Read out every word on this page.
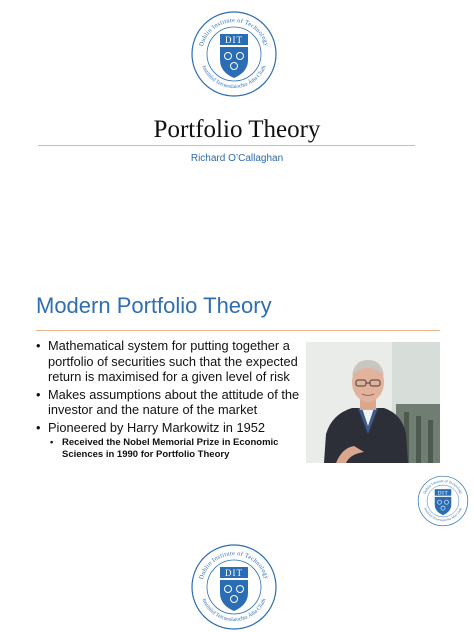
Dublin Institute of Technology
Institiúid Teicneolaíochta Átha Cliath
DIT
Portfolio Theory
Richard O’Callaghan
Modern Portfolio Theory
• Mathematical system for putting together a portfolio of securities such that the expected return is maximised for a given level of risk
• Makes assumptions about the attitude of the investor and the nature of the market
• Pioneered by Harry Markowitz in 1952
• Received the Nobel Memorial Prize in Economic Sciences in 1990 for Portfolio Theory
Dublin Institute of Technology
Institiúid Teicneolaíochta Átha Cliath
DIT
Dublin Institute of Technology
Institiúid Teicneolaíochta Átha Cliath
DIT
